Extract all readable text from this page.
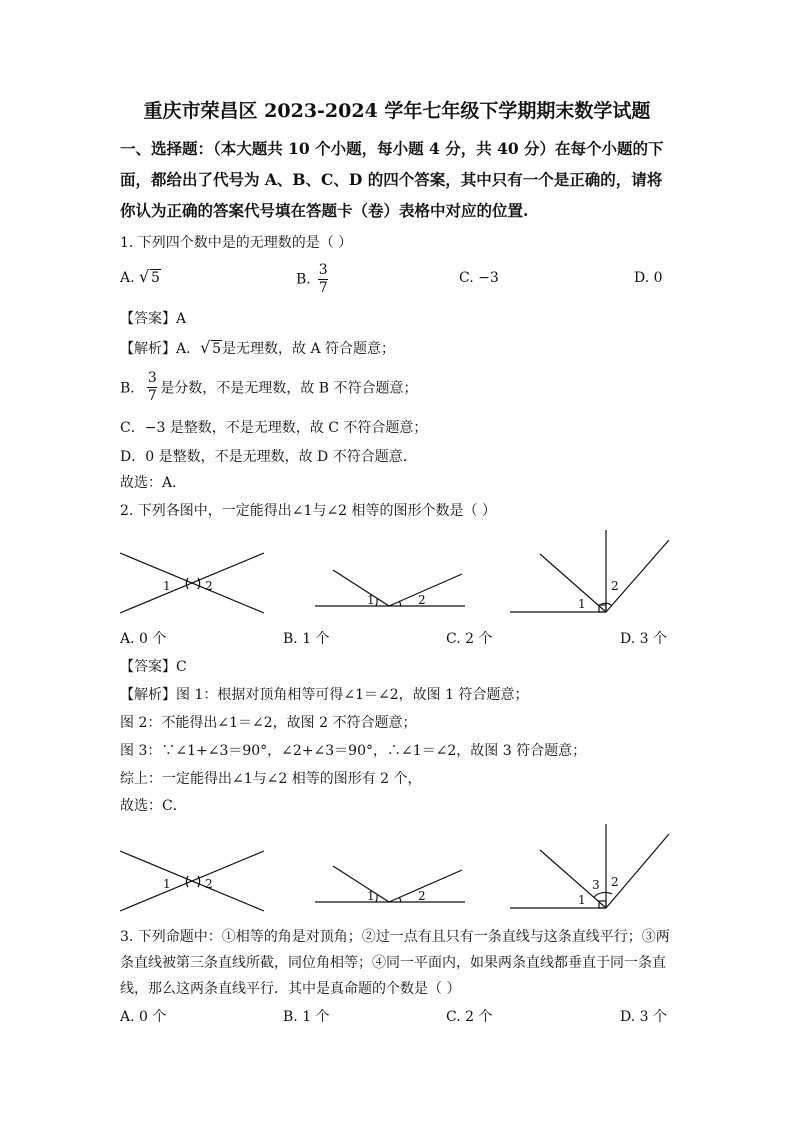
重庆市荣昌区 2023-2024 学年七年级下学期期末数学试题
一、选择题：（本大题共 10 个小题，每小题 4 分，共 40 分）在每个小题的下
面，都给出了代号为 A、B、C、D 的四个答案，其中只有一个是正确的，请将
你认为正确的答案代号填在答题卡（卷）表格中对应的位置.
1. 下列四个数中是的无理数的是（ ）
A. √ 5	B. $\frac{3}{7}$	C. −3	D. 0
【答案】A
【解析】A． √ 5是无理数，故 A 符合题意；
B． $\frac{3}{7}$ 是分数，不是无理数，故 B 不符合题意；
C．−3 是整数，不是无理数，故 C 不符合题意；
D．0 是整数，不是无理数，故 D 不符合题意．
故选：A．
2. 下列各图中，一定能得出∠1与∠2 相等的图形个数是（ ）
1	2
1	2	1
2
A. 0 个	B. 1 个	C. 2 个	D. 3 个
【答案】C
【解析】图 1：根据对顶角相等可得∠1＝∠2，故图 1 符合题意；
图 2：不能得出∠1＝∠2，故图 2 不符合题意；
图 3：∵∠1+∠3＝90°，∠2+∠3＝90°，∴∠1＝∠2，故图 3 符合题意；
综上：一定能得出∠1与∠2 相等的图形有 2 个，
故选：C．
1	2
1	2	1
3 2
3. 下列命题中：①相等的角是对顶角；②过一点有且只有一条直线与这条直线平行；③两
条直线被第三条直线所截，同位角相等；④同一平面内，如果两条直线都垂直于同一条直
线，那么这两条直线平行．其中是真命题的个数是（ ）
A. 0 个	B. 1 个	C. 2 个	D. 3 个
